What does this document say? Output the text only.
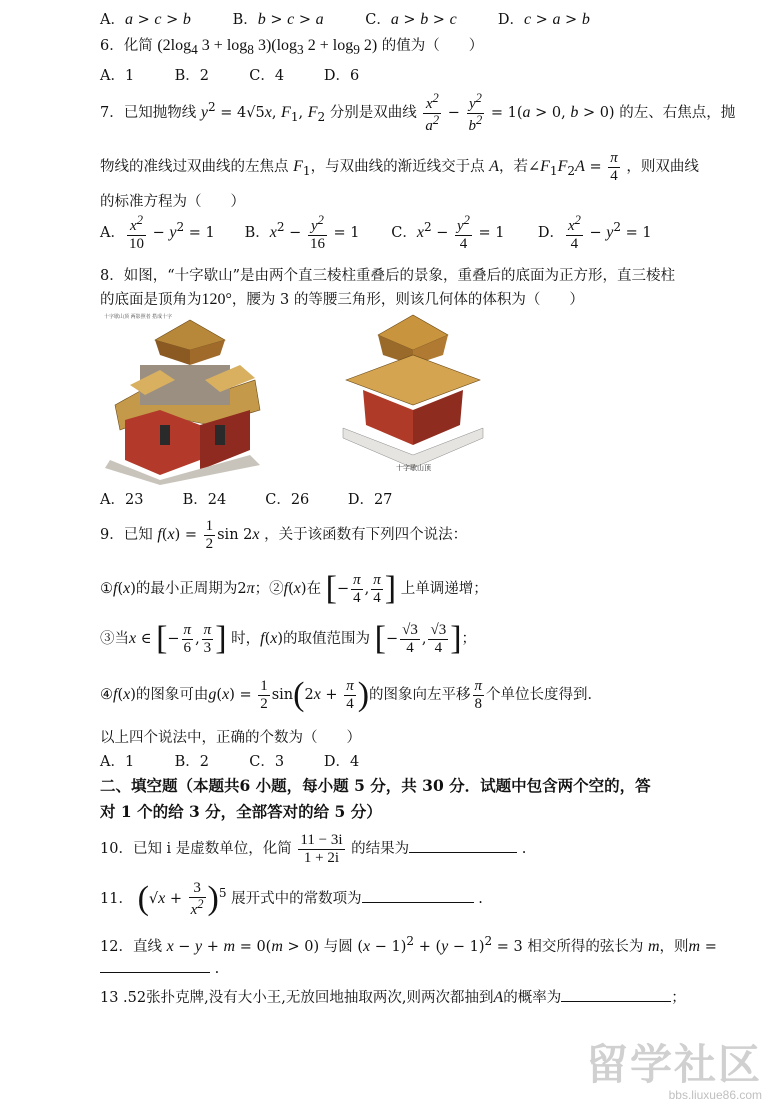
A．a > c > b	B．b > c > a	C．a > b > c	D．c > a > b
6．化简 ($2\log_4$ $3 + \log_8 3)(\log_3$ $2 + \log_9 2$) 的值为（　　）
A．1	B．2	C．4	D．6
7．已知抛物线 $y^2 = 4√5x$, $F_1$, $F_2$ 分别是双曲线 $\frac{x^2}{a^2} - \frac{y^2}{b^2} = 1(a > 0$, b > 0) 的左、右焦点，抛
物线的准线过双曲线的左焦点 $F_1$，与双曲线的渐近线交于点 A，若$\angle F_1F_2A = \frac{\pi}{4}$ ，则双曲线
的标准方程为（　　）
A． $\frac{x^2}{10} - y^2 = 1$ B．$x^2 - \frac{y^2}{16} = 1$ C．$x^2 - \frac{y^2}{4} = 1$ D． $\frac{x^2}{4} - y^2 = 1$
8．如图，“十字歇山”是由两个直三棱柱重叠后的景象，重叠后的底面为正方形，直三棱柱
的底面是顶角为120°，腰为 3 的等腰三角形，则该几何体的体积为（　　）
十字歇山顶 两影照者 搭成十字
十字歇山顶
A．23	B．24	C．26	D．27
9．已知 $f(x) = \frac{1}{2}$ sin 2x ，关于该函数有下列四个说法：
①f(x)的最小正周期为2π；②f(x)在 [− $\frac{\pi}{4}$ , $\frac{\pi}{4}$ ] 上单调递增；
③当x ∈ [− $\frac{\pi}{6}$ , $\frac{\pi}{3}$ ] 时，f(x)的取值范围为 [− $\frac{√3}{4}$ , $\frac{√3}{4}$ ]；
④f(x)的图象可由$g(x) = \frac{1}{2} \sin(2x + \frac{\pi}{4}$ )的图象向左平移 $\frac{\pi}{8}$ 个单位长度得到．
以上四个说法中，正确的个数为（　　）
A．1	B．2	C．3	D．4
二、填空题（本题共6 小题，每小题 5 分，共 30 分．试题中包含两个空的，答
对 1 个的给 3 分，全部答对的给 5 分）
10．已知 i 是虚数单位，化简 $\frac{11 - 3i}{1 + 2i}$ 的结果为	.
11． $(√x + \frac{3}{x^2} )^5$ 展开式中的常数项为	.
12．直线 x − y + m = 0(m > 0) 与圆 $(x - 1)^2 + (y - 1)^2 = 3$ 相交所得的弦长为 m，则m =
.
13 .52张扑克牌,没有大小王,无放回地抽取两次,则两次都抽到A的概率为	；
留学社区
bbs.liuxue86.com
